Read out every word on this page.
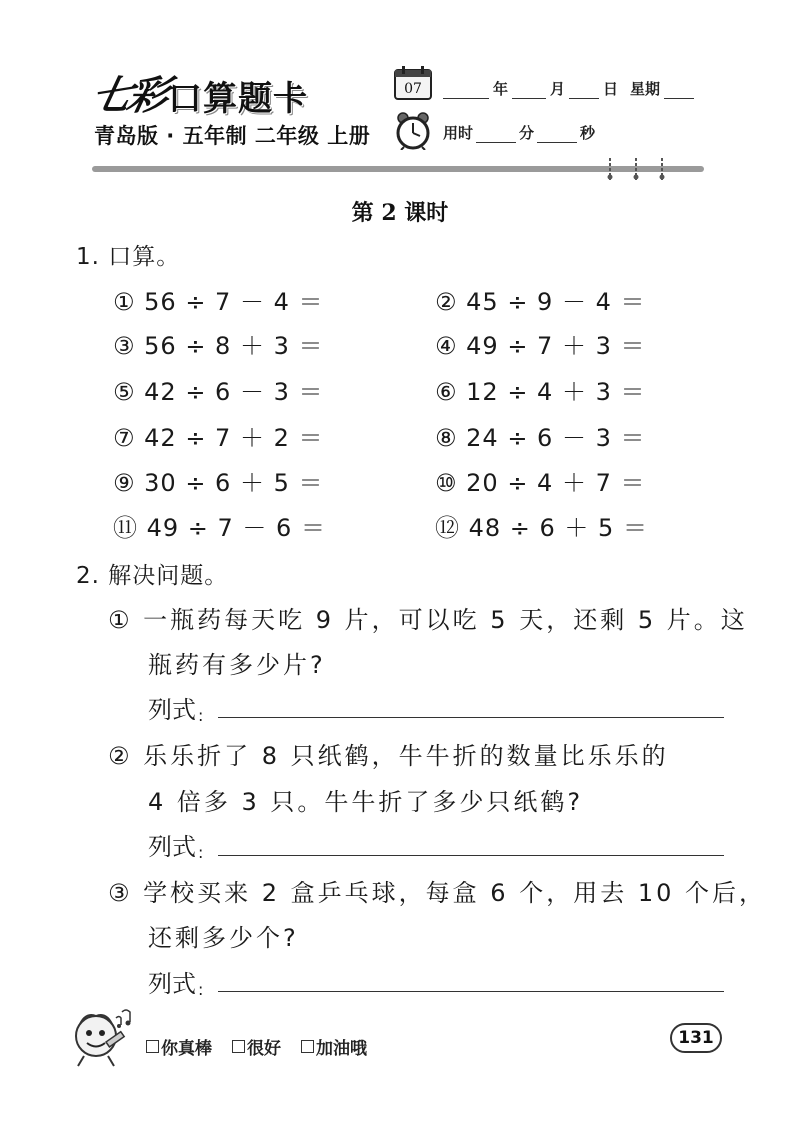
七彩
口算题卡
青岛版 · 五年制 二年级 上册
07	年	月	日 星期
用时	分	秒
第 2 课时
1. 口算。
① 56 ÷ 7 － 4 ＝	② 45 ÷ 9 － 4 ＝
③ 56 ÷ 8 ＋ 3 ＝	④ 49 ÷ 7 ＋ 3 ＝
⑤ 42 ÷ 6 － 3 ＝	⑥ 12 ÷ 4 ＋ 3 ＝
⑦ 42 ÷ 7 ＋ 2 ＝	⑧ 24 ÷ 6 － 3 ＝
⑨ 30 ÷ 6 ＋ 5 ＝	⑩ 20 ÷ 4 ＋ 7 ＝
⑪ 49 ÷ 7 － 6 ＝	⑫ 48 ÷ 6 ＋ 5 ＝
2. 解决问题。
① 一瓶药每天吃 9 片，可以吃 5 天，还剩 5 片。这
瓶药有多少片?
列式 :
② 乐乐折了 8 只纸鹤，牛牛折的数量比乐乐的
4 倍多 3 只。牛牛折了多少只纸鹤?
列式 :
③ 学校买来 2 盒乒乓球，每盒 6 个，用去 10 个后，
还剩多少个?
列式 :
你真棒 很好 加油哦
131
